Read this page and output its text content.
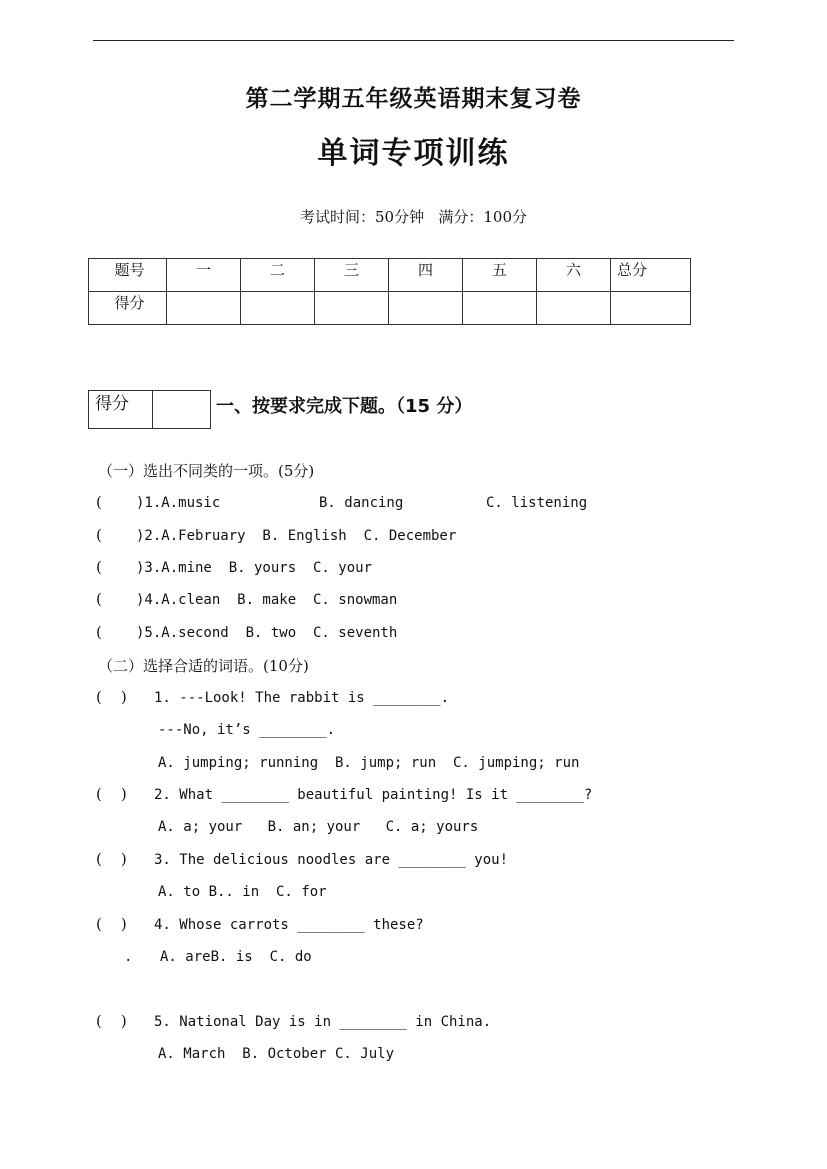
第二学期五年级英语期末复习卷
单词专项训练
考试时间：50分钟   满分：100分
题号	一	二	三	四	五	六	总分
得分							
得分		一、按要求完成下题。（15 分）
（一）选出不同类的一项。(5分)
( )1.A.music	B. dancing	C. listening
( )2.A.February  B. English  C. December
( )3.A.mine  B. yours  C. your
( )4.A.clean  B. make  C. snowman
( )5.A.second  B. two  C. seventh
（二）选择合适的词语。(10分)
(    ) 1. ---Look! The rabbit is ________.
---No, it’s ________.
A. jumping; running  B. jump; run  C. jumping; run
(    ) 2. What ________ beautiful painting! Is it ________?
A. a; your   B. an; your   C. a; yours
(    ) 3. The delicious noodles are ________ you!
A. to B.. in  C. for
(    ) 4. Whose carrots ________ these?
. A. areB. is  C. do
(    ) 5. National Day is in ________ in China.
A. March  B. October C. July
